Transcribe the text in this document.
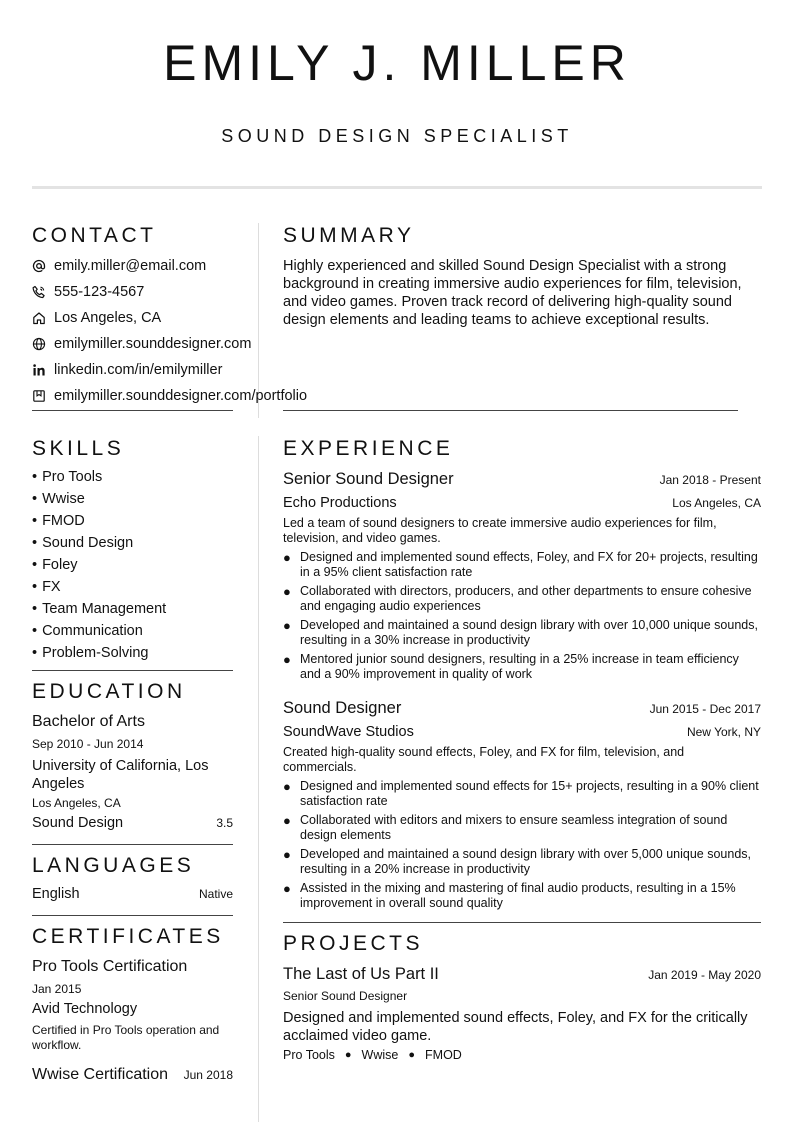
EMILY J. MILLER
SOUND DESIGN SPECIALIST
CONTACT
emily.miller@email.com
555-123-4567
Los Angeles, CA
emilymiller.sounddesigner.com
linkedin.com/in/emilymiller
emilymiller.sounddesigner.com/portfolio
SUMMARY
Highly experienced and skilled Sound Design Specialist with a strong background in creating immersive audio experiences for film, television, and video games. Proven track record of delivering high-quality sound design elements and leading teams to achieve exceptional results.
SKILLS
• Pro Tools
• Wwise
• FMOD
• Sound Design
• Foley
• FX
• Team Management
• Communication
• Problem-Solving
EDUCATION
Bachelor of Arts
Sep 2010 - Jun 2014
University of California, Los Angeles
Los Angeles, CA
Sound Design	3.5
LANGUAGES
English	Native
CERTIFICATES
Pro Tools Certification
Jan 2015
Avid Technology
Certified in Pro Tools operation and workflow.
Wwise Certification Jun 2018
EXPERIENCE
Senior Sound Designer	Jan 2018 - Present
Echo Productions	Los Angeles, CA
Led a team of sound designers to create immersive audio experiences for film, television, and video games.
● Designed and implemented sound effects, Foley, and FX for 20+ projects, resulting in a 95% client satisfaction rate
● Collaborated with directors, producers, and other departments to ensure cohesive and engaging audio experiences
● Developed and maintained a sound design library with over 10,000 unique sounds, resulting in a 30% increase in productivity
● Mentored junior sound designers, resulting in a 25% increase in team efficiency and a 90% improvement in quality of work
Sound Designer	Jun 2015 - Dec 2017
SoundWave Studios	New York, NY
Created high-quality sound effects, Foley, and FX for film, television, and commercials.
● Designed and implemented sound effects for 15+ projects, resulting in a 90% client satisfaction rate
● Collaborated with editors and mixers to ensure seamless integration of sound design elements
● Developed and maintained a sound design library with over 5,000 unique sounds, resulting in a 20% increase in productivity
● Assisted in the mixing and mastering of final audio products, resulting in a 15% improvement in overall sound quality
PROJECTS
The Last of Us Part II	Jan 2019 - May 2020
Senior Sound Designer
Designed and implemented sound effects, Foley, and FX for the critically acclaimed video game.
Pro Tools ● Wwise ● FMOD
